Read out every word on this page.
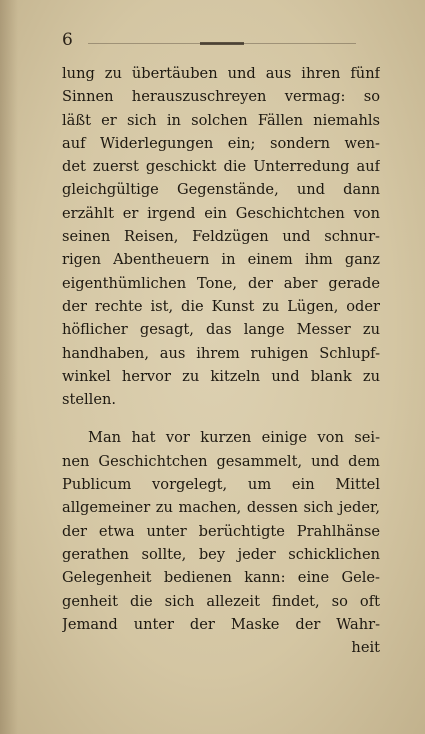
6
lung zu übertäuben und aus ihren fünf
Sinnen herauszuschreyen vermag: so
läßt er sich in solchen Fällen niemahls
auf Widerlegungen ein; sondern wen-
det zuerst geschickt die Unterredung auf
gleichgültige Gegenstände, und dann
erzählt er irgend ein Geschichtchen von
seinen Reisen, Feldzügen und schnur-
rigen Abentheuern in einem ihm ganz
eigenthümlichen Tone, der aber gerade
der rechte ist, die Kunst zu Lügen, oder
höflicher gesagt, das lange Messer zu
handhaben, aus ihrem ruhigen Schlupf-
winkel hervor zu kitzeln und blank zu
stellen.
Man hat vor kurzen einige von sei-
nen Geschichtchen gesammelt, und dem
Publicum vorgelegt, um ein Mittel
allgemeiner zu machen, dessen sich jeder,
der etwa unter berüchtigte Prahlhänse
gerathen sollte, bey jeder schicklichen
Gelegenheit bedienen kann: eine Gele-
genheit die sich allezeit findet, so oft
Jemand unter der Maske der Wahr-
heit
